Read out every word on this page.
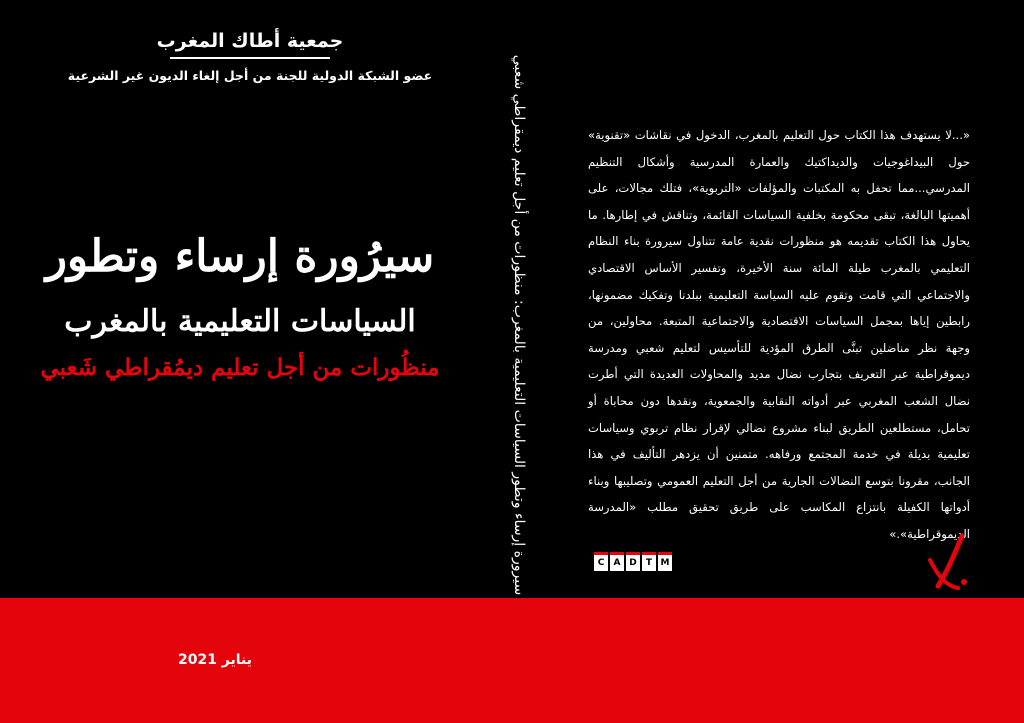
جمعية أطاك المغرب
عضو الشبكة الدولية للجنة من أجل إلغاء الديون غير الشرعية
سيرُورة إرساء وتطور
السياسات التعليمية بالمغرب
منظُورات من أجل تعليم ديمُقراطي شَعبي	سيرورة إرساء وتطور السياسات التعليمية بالمغرب: منظورات من أجل تعليم ديمقراطي شعبي	«...لا يستهدف هذا الكتاب حول التعليم بالمغرب، الدخول في نقاشات «تقنوية» حول البيداغوجيات والديداكتيك والعمارة المدرسية وأشكال التنظيم المدرسي...مما تحفل به المكتبات والمؤلفات «التربوية»، فتلك مجالات، على أهميتها البالغة، تبقى محكومة بخلفية السياسات القائمة، وتناقش في إطارها. ما يحاول هذا الكتاب تقديمه هو منظورات نقدية عامة تتناول سيرورة بناء النظام التعليمي بالمغرب طيلة المائة سنة الأخيرة، وتفسير الأساس الاقتصادي والاجتماعي التي قامت وتقوم عليه السياسة التعليمية ببلدنا وتفكيك مضمونها، رابطين إياها بمجمل السياسات الاقتصادية والاجتماعية المتبعة. محاولين، من وجهة نظر مناضلين تبنَّى الطرق المؤدية للتأسيس لتعليم شعبي ومدرسة ديموقراطية عبر التعريف بتجارب نضال مديد والمحاولات العديدة التي أطرت نضال الشعب المغربي عبر أدواته النقابية والجمعوية، ونقدها دون محاباة أو تحامل، مستطلعين الطريق لبناء مشروع نضالي لإقرار نظام تربوي وسياسات تعليمية بديلة في خدمة المجتمع ورفاهه. متمنين أن يزدهر التأليف في هذا الجانب، مقرونا بتوسع النضالات الجارية من أجل التعليم العمومي وتصليبها وبناء أدواتها الكفيلة بانتزاع المكاسب على طريق تحقيق مطلب «المدرسة الديموقراطية».»
C	A D	T M
يناير 2021
